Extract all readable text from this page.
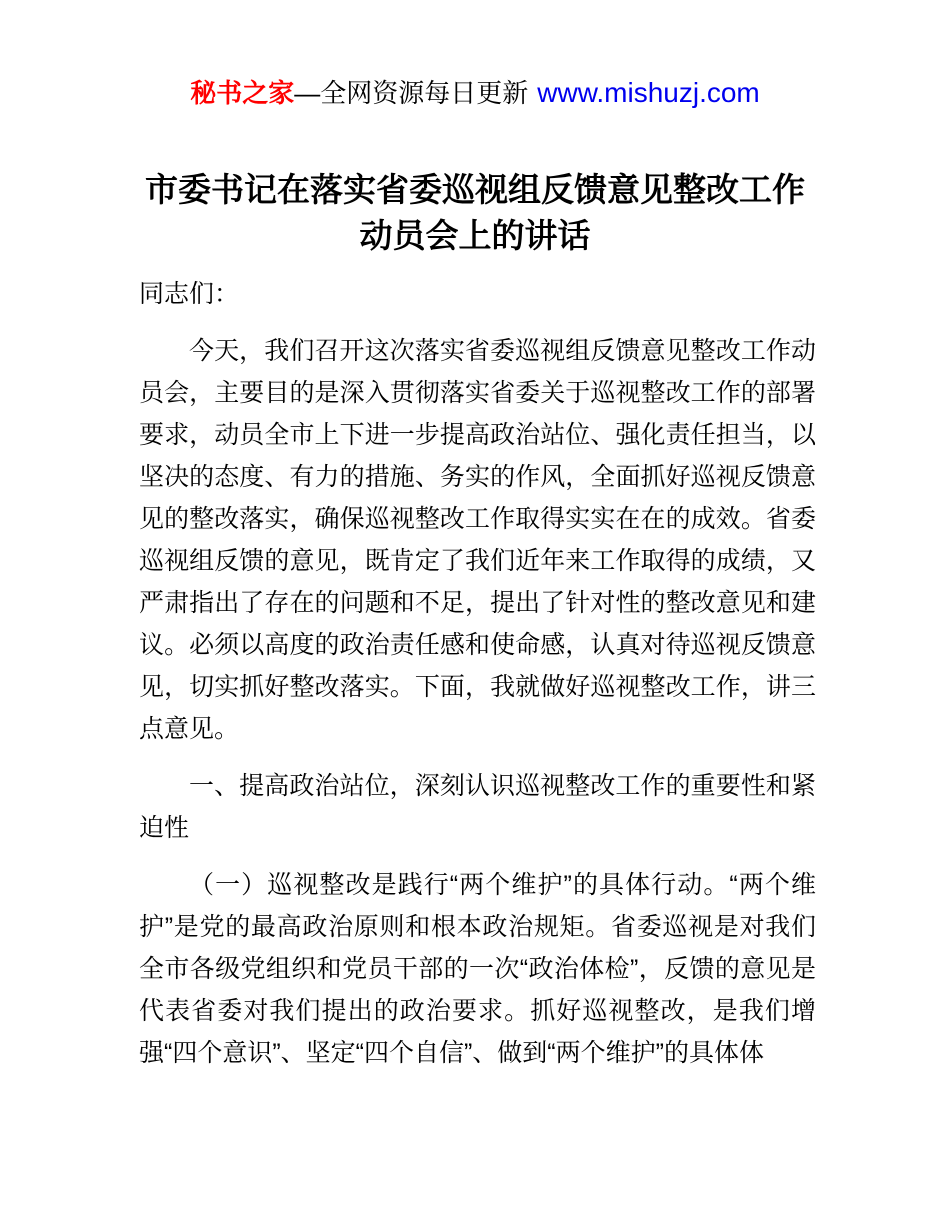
秘书之家—全网资源每日更新 www.mishuzj.com
市委书记在落实省委巡视组反馈意见整改工作动员会上的讲话

同志们：

今天，我们召开这次落实省委巡视组反馈意见整改工作动员会，主要目的是深入贯彻落实省委关于巡视整改工作的部署要求，动员全市上下进一步提高政治站位、强化责任担当，以坚决的态度、有力的措施、务实的作风，全面抓好巡视反馈意见的整改落实，确保巡视整改工作取得实实在在的成效。省委巡视组反馈的意见，既肯定了我们近年来工作取得的成绩，又严肃指出了存在的问题和不足，提出了针对性的整改意见和建议。必须以高度的政治责任感和使命感，认真对待巡视反馈意见，切实抓好整改落实。下面，我就做好巡视整改工作，讲三点意见。

一、提高政治站位，深刻认识巡视整改工作的重要性和紧迫性

（一）巡视整改是践行“两个维护”的具体行动。“两个维护”是党的最高政治原则和根本政治规矩。省委巡视是对我们全市各级党组织和党员干部的一次“政治体检”，反馈的意见是代表省委对我们提出的政治要求。抓好巡视整改，是我们增强“四个意识”、坚定“四个自信”、做到“两个维护”的具体体
